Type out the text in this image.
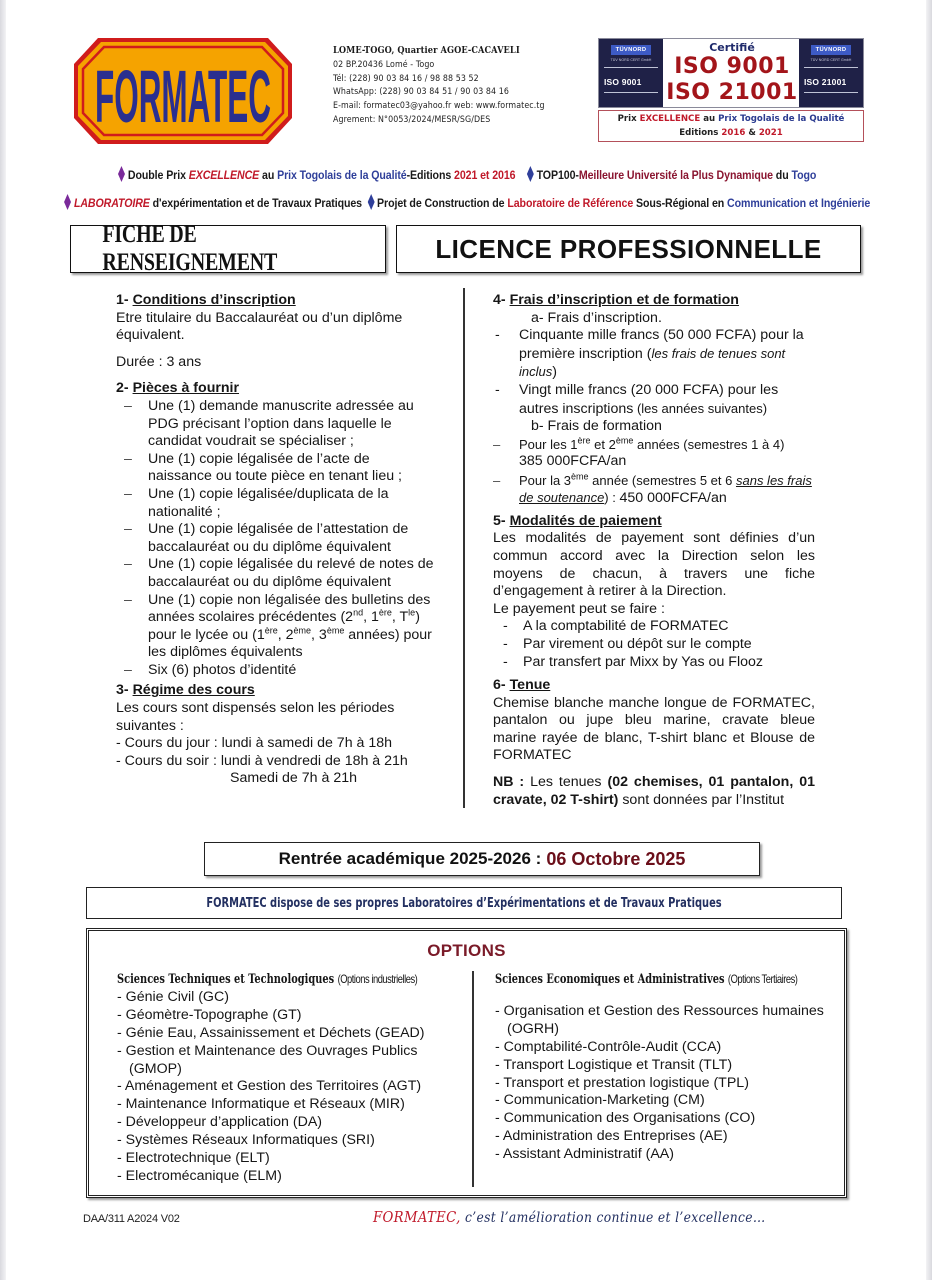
FORMATEC
LOME-TOGO, Quartier AGOE-CACAVELI
02 BP.20436 Lomé - Togo
Tél: (228) 90 03 84 16 / 98 88 53 52
WhatsApp: (228) 90 03 84 51 / 90 03 84 16
E-mail: formatec03@yahoo.fr web: www.formatec.tg
Agrement: N°0053/2024/MESR/SG/DES
TÜVNORD
TÜV NORD CERT GmbH
ISO 9001
Certifié
ISO 9001
ISO 21001
TÜVNORD
TÜV NORD CERT GmbH
ISO 21001
Prix EXCELLENCE au Prix Togolais de la Qualité
Editions 2016 & 2021
Double Prix EXCELLENCE au Prix Togolais de la Qualité-Editions 2021 et 2016 TOP100-Meilleure Université la Plus Dynamique du Togo
LABORATOIRE d'expérimentation et de Travaux Pratiques Projet de Construction de Laboratoire de Référence Sous-Régional en Communication et Ingénierie
FICHE DE RENSEIGNEMENT	LICENCE PROFESSIONNELLE
1- Conditions d’inscription
Etre titulaire du Baccalauréat ou d’un diplôme équivalent.
Durée : 3 ans
2- Pièces à fournir
– Une (1) demande manuscrite adressée au PDG précisant l’option dans laquelle le candidat voudrait se spécialiser ;
– Une (1) copie légalisée de l’acte de naissance ou toute pièce en tenant lieu ;
– Une (1) copie légalisée/duplicata de la nationalité ;
– Une (1) copie légalisée de l’attestation de baccalauréat ou du diplôme équivalent
– Une (1) copie légalisée du relevé de notes de baccalauréat ou du diplôme équivalent
– Une (1) copie non légalisée des bulletins des années scolaires précédentes (2nd, 1ère, $T^{le}$) pour le lycée ou (1ère, 2ème, 3ème années) pour les diplômes équivalents
– Six (6) photos d’identité
3- Régime des cours
Les cours sont dispensés selon les périodes suivantes :
- Cours du jour : lundi à samedi de 7h à 18h
- Cours du soir : lundi à vendredi de 18h à 21h
Samedi de 7h à 21h
4- Frais d’inscription et de formation
a- Frais d’inscription.
- Cinquante mille francs (50 000 FCFA) pour la première inscription (les frais de tenues sont inclus)
- Vingt mille francs (20 000 FCFA) pour les autres inscriptions (les années suivantes)
b- Frais de formation
– Pour les 1ère et 2ème années (semestres 1 à 4)
385 000FCFA/an
– Pour la 3ème année (semestres 5 et 6 sans les frais de soutenance) : 450 000FCFA/an
5- Modalités de paiement
Les modalités de payement sont définies d’un commun accord avec la Direction selon les moyens de chacun, à travers une fiche d’engagement à retirer à la Direction.
Le payement peut se faire :
- A la comptabilité de FORMATEC
- Par virement ou dépôt sur le compte
- Par transfert par Mixx by Yas ou Flooz
6- Tenue
Chemise blanche manche longue de FORMATEC, pantalon ou jupe bleu marine, cravate bleue marine rayée de blanc, T-shirt blanc et Blouse de FORMATEC
NB : Les tenues (02 chemises, 01 pantalon, 01 cravate, 02 T-shirt) sont données par l’Institut
Rentrée académique 2025-2026 : 06 Octobre 2025
FORMATEC dispose de ses propres Laboratoires d’Expérimentations et de Travaux Pratiques
OPTIONS
Sciences Techniques et Technologiques (Options industrielles)
- Génie Civil (GC)
- Géomètre-Topographe (GT)
- Génie Eau, Assainissement et Déchets (GEAD)
- Gestion et Maintenance des Ouvrages Publics (GMOP)
- Aménagement et Gestion des Territoires (AGT)
- Maintenance Informatique et Réseaux (MIR)
- Développeur d’application (DA)
- Systèmes Réseaux Informatiques (SRI)
- Electrotechnique (ELT)
- Electromécanique (ELM)
Sciences Economiques et Administratives (Options Tertiaires)
- Organisation et Gestion des Ressources humaines (OGRH)
- Comptabilité-Contrôle-Audit (CCA)
- Transport Logistique et Transit (TLT)
- Transport et prestation logistique (TPL)
- Communication-Marketing (CM)
- Communication des Organisations (CO)
- Administration des Entreprises (AE)
- Assistant Administratif (AA)
DAA/311 A2024 V02	FORMATEC, c’est l’amélioration continue et l’excellence…
